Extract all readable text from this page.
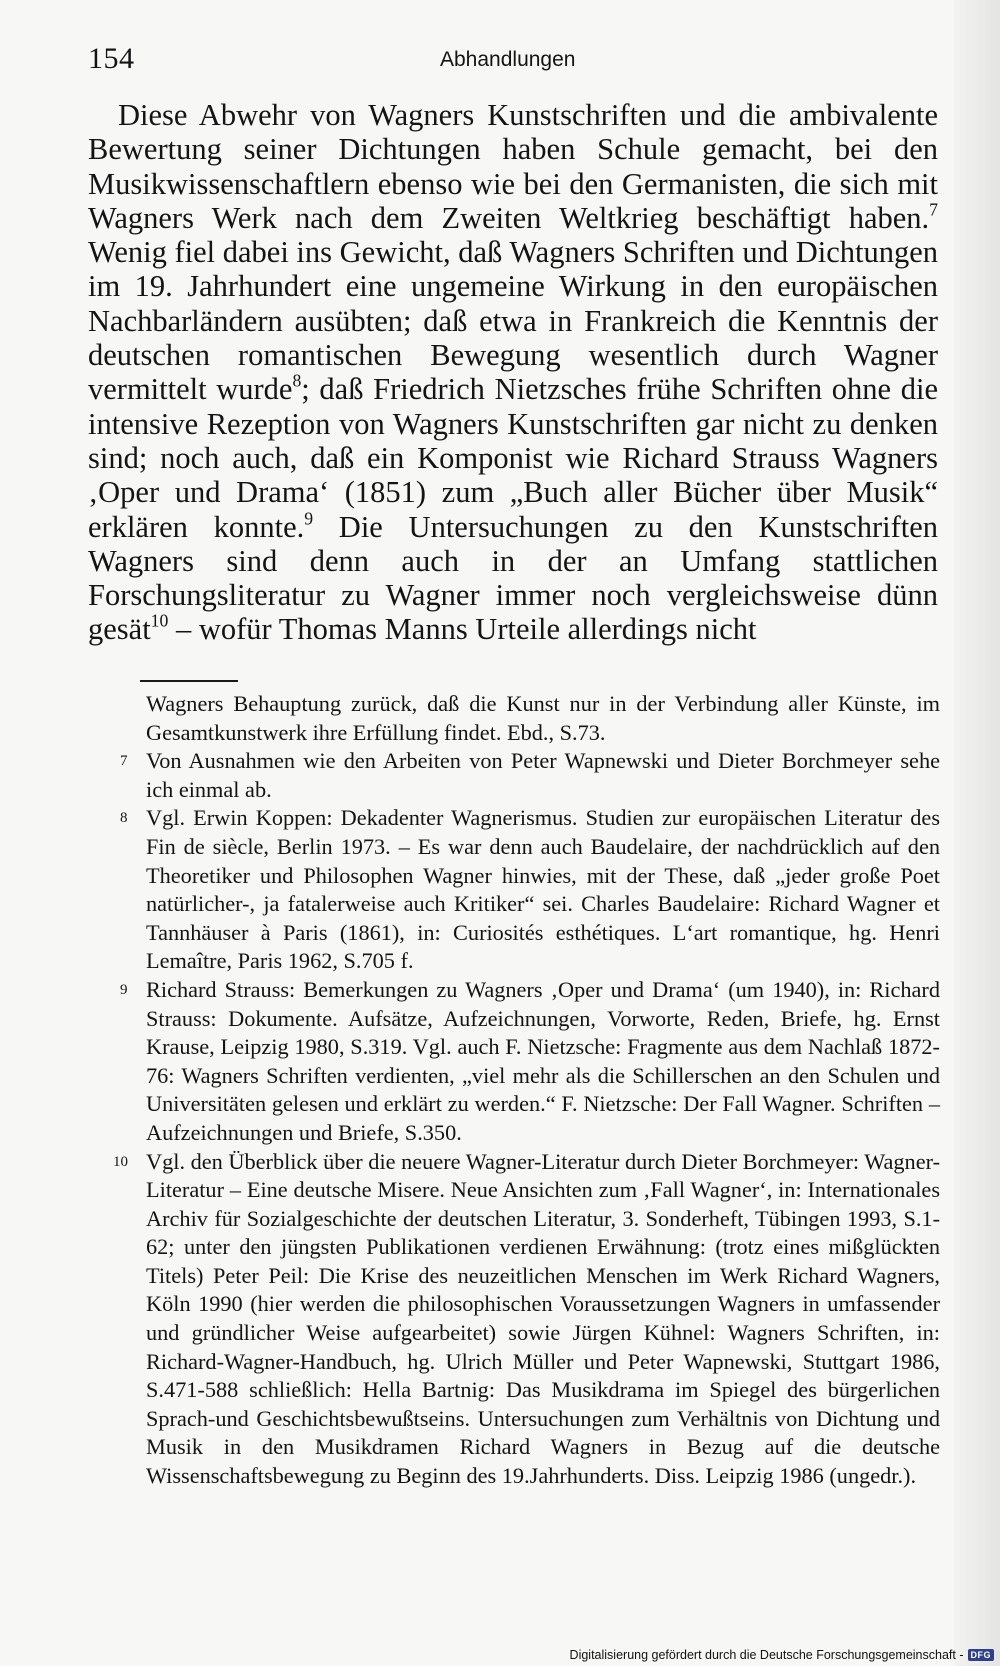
154	Abhandlungen

Diese Abwehr von Wagners Kunstschriften und die ambivalente Bewertung seiner Dichtungen haben Schule gemacht, bei den Musikwissenschaftlern ebenso wie bei den Germanisten, die sich mit Wagners Werk nach dem Zweiten Weltkrieg beschäftigt haben.$^7$ Wenig fiel dabei ins Gewicht, daß Wagners Schriften und Dichtungen im 19. Jahrhundert eine ungemeine Wirkung in den europäischen Nachbarländern ausübten; daß etwa in Frankreich die Kenntnis der deutschen romantischen Bewegung wesentlich durch Wagner vermittelt wurde$^8$; daß Friedrich Nietzsches frühe Schriften ohne die intensive Rezeption von Wagners Kunstschriften gar nicht zu denken sind; noch auch, daß ein Komponist wie Richard Strauss Wagners ‚Oper und Drama‘ (1851) zum „Buch aller Bücher über Musik“ erklären konnte.$^9$ Die Untersuchungen zu den Kunstschriften Wagners sind denn auch in der an Umfang stattlichen Forschungsliteratur zu Wagner immer noch vergleichsweise dünn gesät$^{10}$ – wofür Thomas Manns Urteile allerdings nicht

Wagners Behauptung zurück, daß die Kunst nur in der Verbindung aller Künste, im Gesamtkunstwerk ihre Erfüllung findet. Ebd., S.73.
7 Von Ausnahmen wie den Arbeiten von Peter Wapnewski und Dieter Borchmeyer sehe ich einmal ab.
8 Vgl. Erwin Koppen: Dekadenter Wagnerismus. Studien zur europäischen Literatur des Fin de siècle, Berlin 1973. – Es war denn auch Baudelaire, der nachdrücklich auf den Theoretiker und Philosophen Wagner hinwies, mit der These, daß „jeder große Poet natürlicher-, ja fatalerweise auch Kritiker“ sei. Charles Baudelaire: Richard Wagner et Tannhäuser à Paris (1861), in: Curiosités esthétiques. L‘art romantique, hg. Henri Lemaître, Paris 1962, S.705 f.
9 Richard Strauss: Bemerkungen zu Wagners ‚Oper und Drama‘ (um 1940), in: Richard Strauss: Dokumente. Aufsätze, Aufzeichnungen, Vorworte, Reden, Briefe, hg. Ernst Krause, Leipzig 1980, S.319. Vgl. auch F. Nietzsche: Fragmente aus dem Nachlaß 1872-76: Wagners Schriften verdienten, „viel mehr als die Schillerschen an den Schulen und Universitäten gelesen und erklärt zu werden.“ F. Nietzsche: Der Fall Wagner. Schriften – Aufzeichnungen und Briefe, S.350.
10 Vgl. den Überblick über die neuere Wagner-Literatur durch Dieter Borchmeyer: Wagner-Literatur – Eine deutsche Misere. Neue Ansichten zum ‚Fall Wagner‘, in: Internationales Archiv für Sozialgeschichte der deutschen Literatur, 3. Sonderheft, Tübingen 1993, S.1-62; unter den jüngsten Publikationen verdienen Erwähnung: (trotz eines mißglückten Titels) Peter Peil: Die Krise des neuzeitlichen Menschen im Werk Richard Wagners, Köln 1990 (hier werden die philosophischen Voraussetzungen Wagners in umfassender und gründlicher Weise aufgearbeitet) sowie Jürgen Kühnel: Wagners Schriften, in: Richard-Wagner-Handbuch, hg. Ulrich Müller und Peter Wapnewski, Stuttgart 1986, S.471-588 schließlich: Hella Bartnig: Das Musikdrama im Spiegel des bürgerlichen Sprach-und Geschichtsbewußtseins. Untersuchungen zum Verhältnis von Dichtung und Musik in den Musikdramen Richard Wagners in Bezug auf die deutsche Wissenschaftsbewegung zu Beginn des 19.Jahrhunderts. Diss. Leipzig 1986 (ungedr.).
Digitalisierung gefördert durch die Deutsche Forschungsgemeinschaft - DFG
